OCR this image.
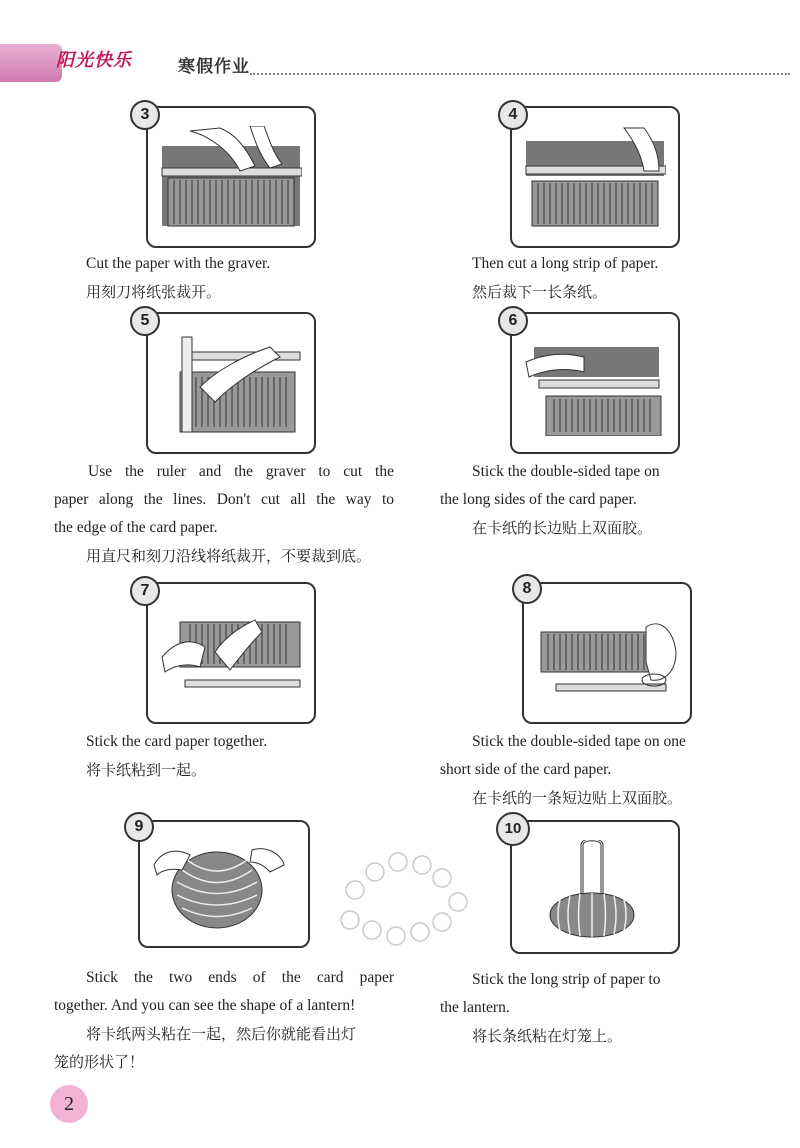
阳光快乐	寒假作业
3
Cut the paper with the graver.
用刻刀将纸张裁开。
4
Then cut a long strip of paper.
然后裁下一长条纸。
5
Use the ruler and the graver to cut the
paper along the lines. Don't cut all the way to
the edge of the card paper.
用直尺和刻刀沿线将纸裁开，不要裁到底。
6
Stick the double-sided tape on
the long sides of the card paper.
在卡纸的长边贴上双面胶。
7
Stick the card paper together.
将卡纸粘到一起。
8
Stick the double-sided tape on one
short side of the card paper.
在卡纸的一条短边贴上双面胶。
9
Stick the two ends of the card paper
together. And you can see the shape of a lantern!
将卡纸两头粘在一起，然后你就能看出灯
笼的形状了！
10
Stick the long strip of paper to
the lantern.
将长条纸粘在灯笼上。
2
